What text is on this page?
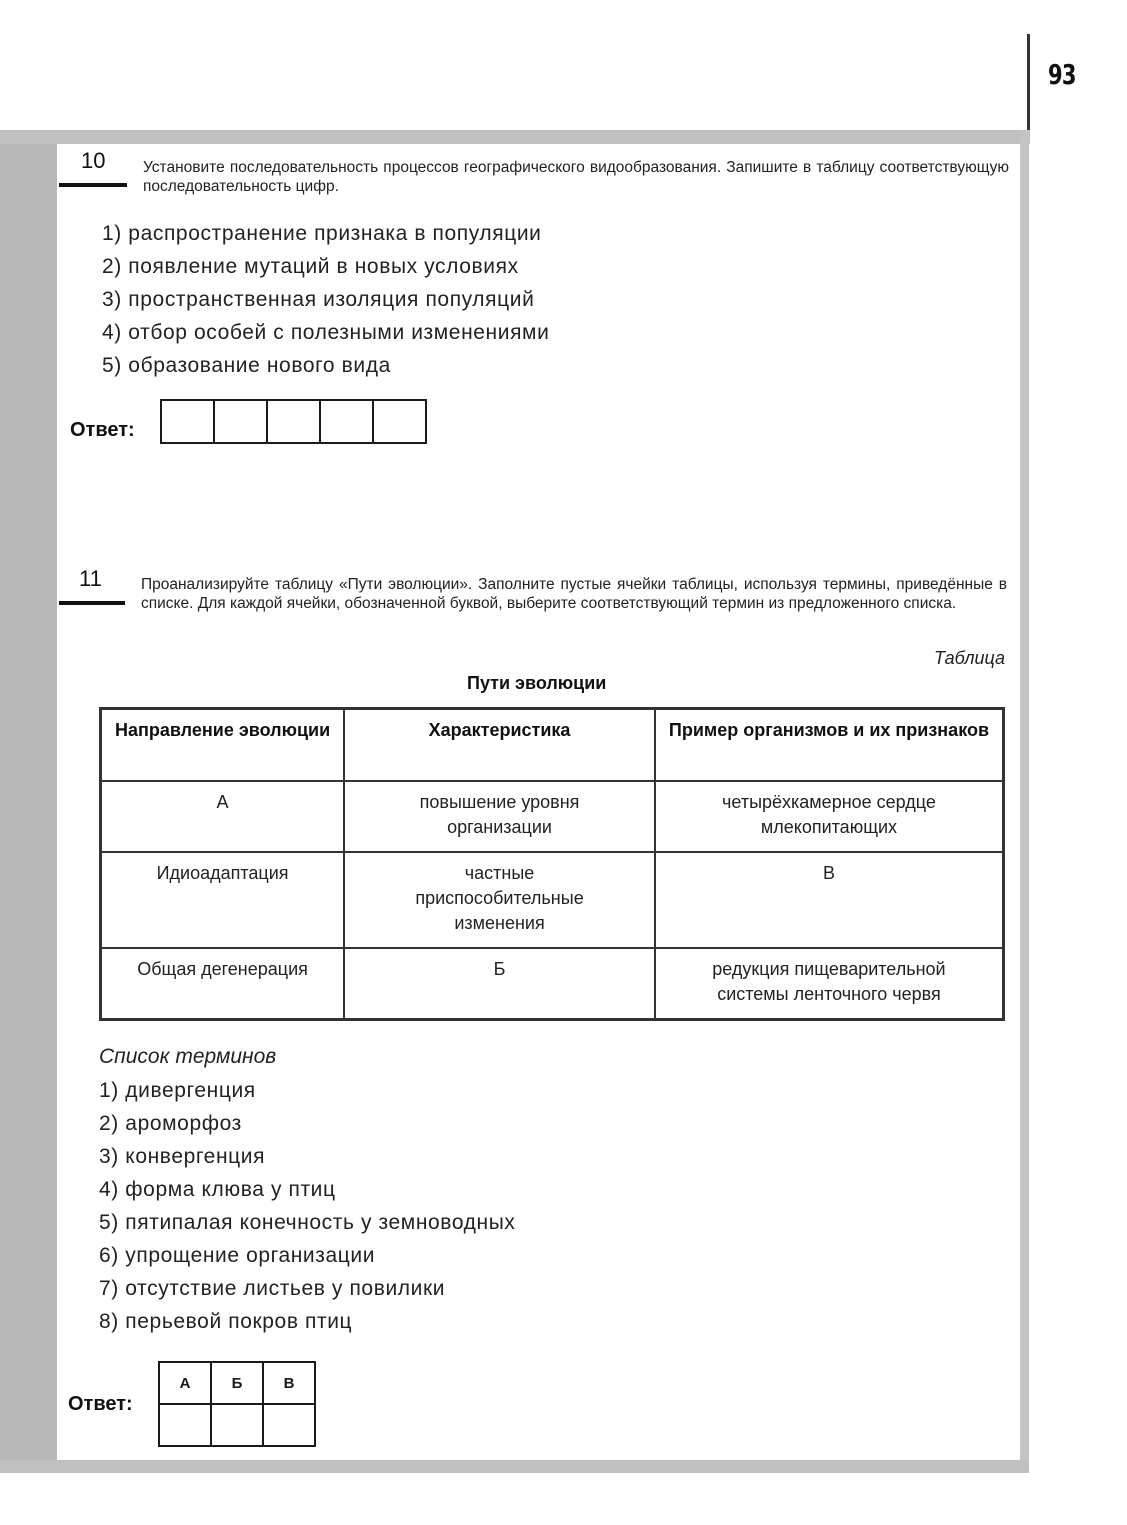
93
10 Установите последовательность процессов географического видообразования. Запишите в таблицу соответствующую последовательность цифр.
1) распространение признака в популяции
2) появление мутаций в новых условиях
3) пространственная изоляция популяций
4) отбор особей с полезными изменениями
5) образование нового вида
Ответ:

11	Проанализируйте таблицу «Пути эволюции». Заполните пустые ячейки таблицы, используя термины, приведённые в списке. Для каждой ячейки, обозначенной буквой, выберите соответствующий термин из предложенного списка.
Таблица
Пути эволюции
Направление эволюции	Характеристика	Пример организмов и их признаков
А	повышение уровня организации	четырёхкамерное сердце млекопитающих
Идиоадаптация	частные приспособительные изменения	В
Общая дегенерация	Б	редукция пищеварительной системы ленточного червя
Список терминов
1) дивергенция
2) ароморфоз
3) конвергенция
4) форма клюва у птиц
5) пятипалая конечность у земноводных
6) упрощение организации
7) отсутствие листьев у повилики
8) перьевой покров птиц
Ответ:
А	Б	В
